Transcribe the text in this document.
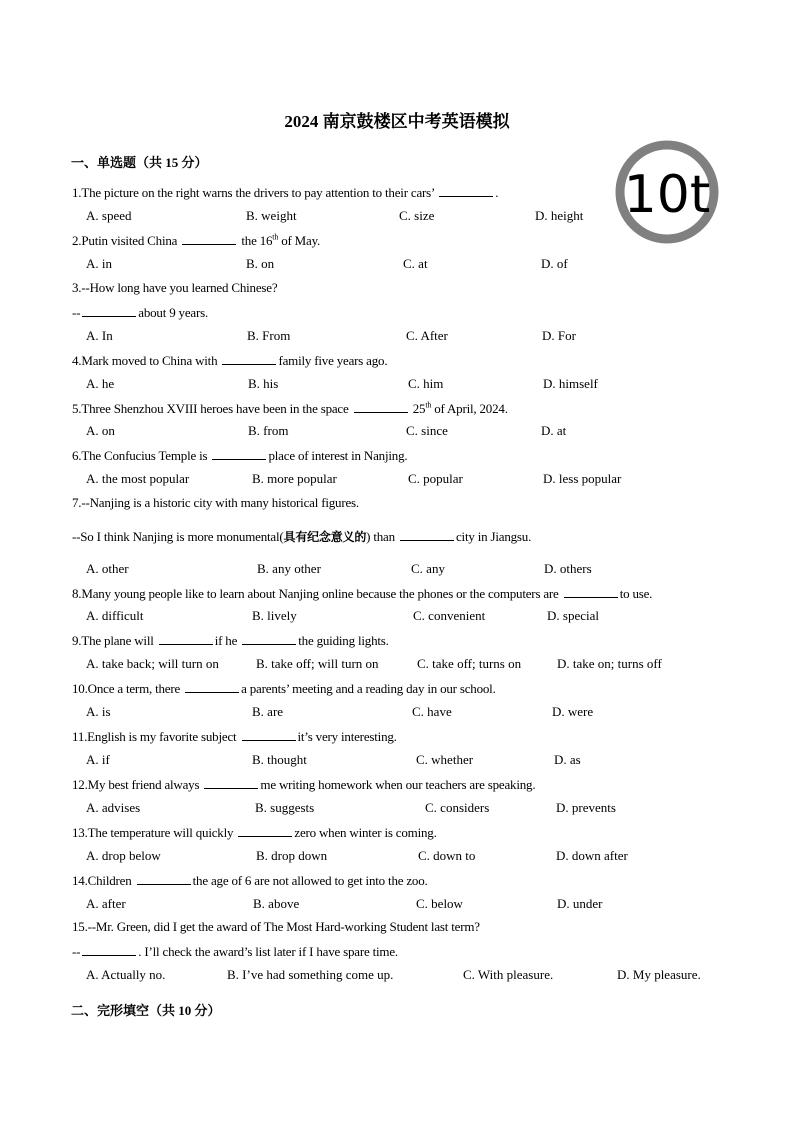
2024 南京鼓楼区中考英语模拟
一、单选题（共 15 分）
10t
1.The picture on the right warns the drivers to pay attention to their cars’	.
A. speed	B. weight	C. size	D. height
2.Putin visited China	the 16th of May.
A. in	B. on	C. at	D. of
3.--How long have you learned Chinese?
--	about 9 years.
A. In	B. From	C. After	D. For
4.Mark moved to China with	family five years ago.
A. he	B. his	C. him	D. himself
5.Three Shenzhou XVIII heroes have been in the space	25th of April, 2024.
A. on	B. from	C. since	D. at
6.The Confucius Temple is	place of interest in Nanjing.
A. the most popular	B. more popular	C. popular	D. less popular
7.--Nanjing is a historic city with many historical figures.
--So I think Nanjing is more monumental(具有纪念意义的) than	city in Jiangsu.
A. other	B. any other	C. any	D. others
8.Many young people like to learn about Nanjing online because the phones or the computers are	to use.
A. difficult	B. lively	C. convenient	D. special
9.The plane will	if he	the guiding lights.
A. take back; will turn on	B. take off; will turn on	C. take off; turns on	D. take on; turns off
10.Once a term, there	a parents’ meeting and a reading day in our school.
A. is	B. are	C. have	D. were
11.English is my favorite subject	it’s very interesting.
A. if	B. thought	C. whether	D. as
12.My best friend always	me writing homework when our teachers are speaking.
A. advises	B. suggests	C. considers	D. prevents
13.The temperature will quickly	zero when winter is coming.
A. drop below	B. drop down	C. down to	D. down after
14.Children	the age of 6 are not allowed to get into the zoo.
A. after	B. above	C. below	D. under
15.--Mr. Green, did I get the award of The Most Hard-working Student last term?
--	. I’ll check the award’s list later if I have spare time.
A. Actually no.	B. I’ve had something come up.	C. With pleasure.	D. My pleasure.
二、完形填空（共 10 分）
